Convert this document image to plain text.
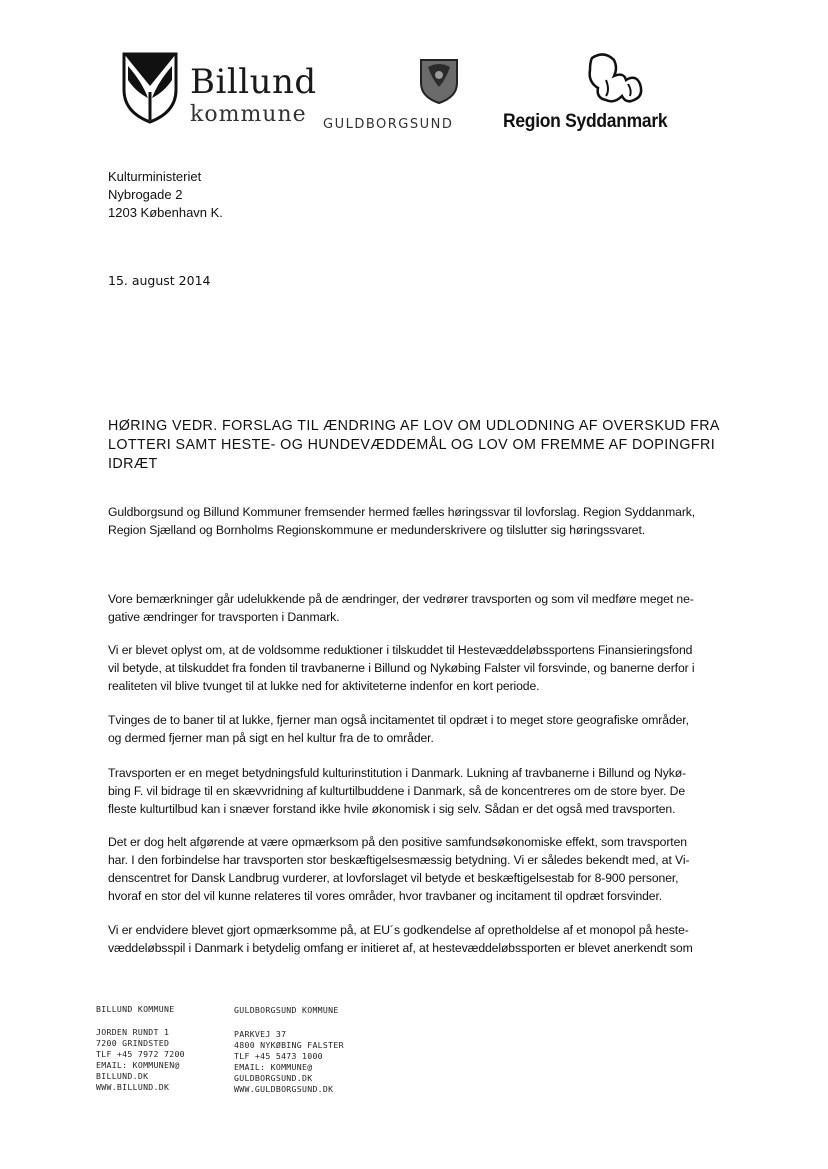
Billund
kommune GULDBORGSUND	Region Syddanmark
Kulturministeriet
Nybrogade 2
1203 København K.
15. august 2014
HØRING VEDR. FORSLAG TIL ÆNDRING AF LOV OM UDLODNING AF OVERSKUD FRA
LOTTERI SAMT HESTE- OG HUNDEVÆDDEMÅL OG LOV OM FREMME AF DOPINGFRI
IDRÆT
Guldborgsund og Billund Kommuner fremsender hermed fælles høringssvar til lovforslag. Region Syddanmark,
Region Sjælland og Bornholms Regionskommune er medunderskrivere og tilslutter sig høringssvaret.
Vore bemærkninger går udelukkende på de ændringer, der vedrører travsporten og som vil medføre meget ne-
gative ændringer for travsporten i Danmark.
Vi er blevet oplyst om, at de voldsomme reduktioner i tilskuddet til Hestevæddeløbssportens Finansieringsfond
vil betyde, at tilskuddet fra fonden til travbanerne i Billund og Nykøbing Falster vil forsvinde, og banerne derfor i
realiteten vil blive tvunget til at lukke ned for aktiviteterne indenfor en kort periode.
Tvinges de to baner til at lukke, fjerner man også incitamentet til opdræt i to meget store geografiske områder,
og dermed fjerner man på sigt en hel kultur fra de to områder.
Travsporten er en meget betydningsfuld kulturinstitution i Danmark. Lukning af travbanerne i Billund og Nykø-
bing F. vil bidrage til en skævvridning af kulturtilbuddene i Danmark, så de koncentreres om de store byer. De
fleste kulturtilbud kan i snæver forstand ikke hvile økonomisk i sig selv. Sådan er det også med travsporten.
Det er dog helt afgørende at være opmærksom på den positive samfundsøkonomiske effekt, som travsporten
har. I den forbindelse har travsporten stor beskæftigelsesmæssig betydning. Vi er således bekendt med, at Vi-
denscentret for Dansk Landbrug vurderer, at lovforslaget vil betyde et beskæftigelsestab for 8-900 personer,
hvoraf en stor del vil kunne relateres til vores områder, hvor travbaner og incitament til opdræt forsvinder.
Vi er endvidere blevet gjort opmærksomme på, at EU´s godkendelse af opretholdelse af et monopol på heste-
væddeløbsspil i Danmark i betydelig omfang er initieret af, at hestevæddeløbssporten er blevet anerkendt som
BILLUND KOMMUNE	GULDBORGSUND KOMMUNE
JORDEN RUNDT 1
7200 GRINDSTED
TLF +45 7972 7200
EMAIL: KOMMUNEN@
BILLUND.DK
WWW.BILLUND.DK
PARKVEJ 37
4800 NYKØBING FALSTER
TLF +45 5473 1000
EMAIL: KOMMUNE@
GULDBORGSUND.DK
WWW.GULDBORGSUND.DK
